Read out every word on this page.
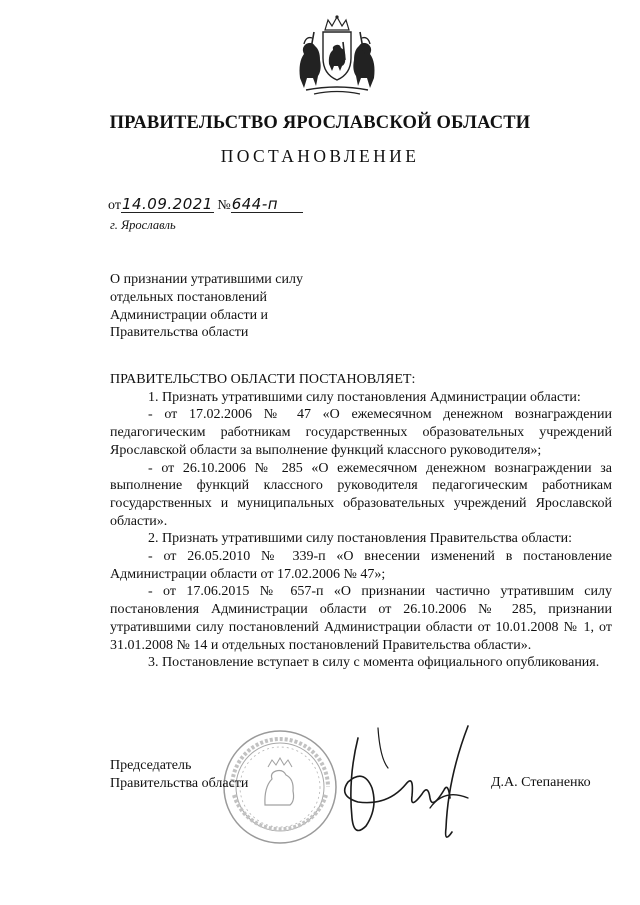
ПРАВИТЕЛЬСТВО ЯРОСЛАВСКОЙ ОБЛАСТИ
ПОСТАНОВЛЕНИЕ
от14.09.2021 №644-п
г. Ярославль
О признании утратившими силу
отдельных постановлений
Администрации области и
Правительства области

ПРАВИТЕЛЬСТВО ОБЛАСТИ ПОСТАНОВЛЯЕТ:

1. Признать утратившими силу постановления Администрации области:

- от 17.02.2006 № 47 «О ежемесячном денежном вознаграждении педагогическим работникам государственных образовательных учреждений Ярославской области за выполнение функций классного руководителя»;

- от 26.10.2006 № 285 «О ежемесячном денежном вознаграждении за выполнение функций классного руководителя педагогическим работникам государственных и муниципальных образовательных учреждений Ярославской области».

2. Признать утратившими силу постановления Правительства области:

- от 26.05.2010 № 339-п «О внесении изменений в постановление Администрации области от 17.02.2006 № 47»;

- от 17.06.2015 № 657-п «О признании частично утратившим силу постановления Администрации области от 26.10.2006 № 285, признании утратившими силу постановлений Администрации области от 10.01.2008 № 1, от 31.01.2008 № 14 и отдельных постановлений Правительства области».

3. Постановление вступает в силу с момента официального опубликования.

Председатель
Правительства области	Д.А. Степаненко
